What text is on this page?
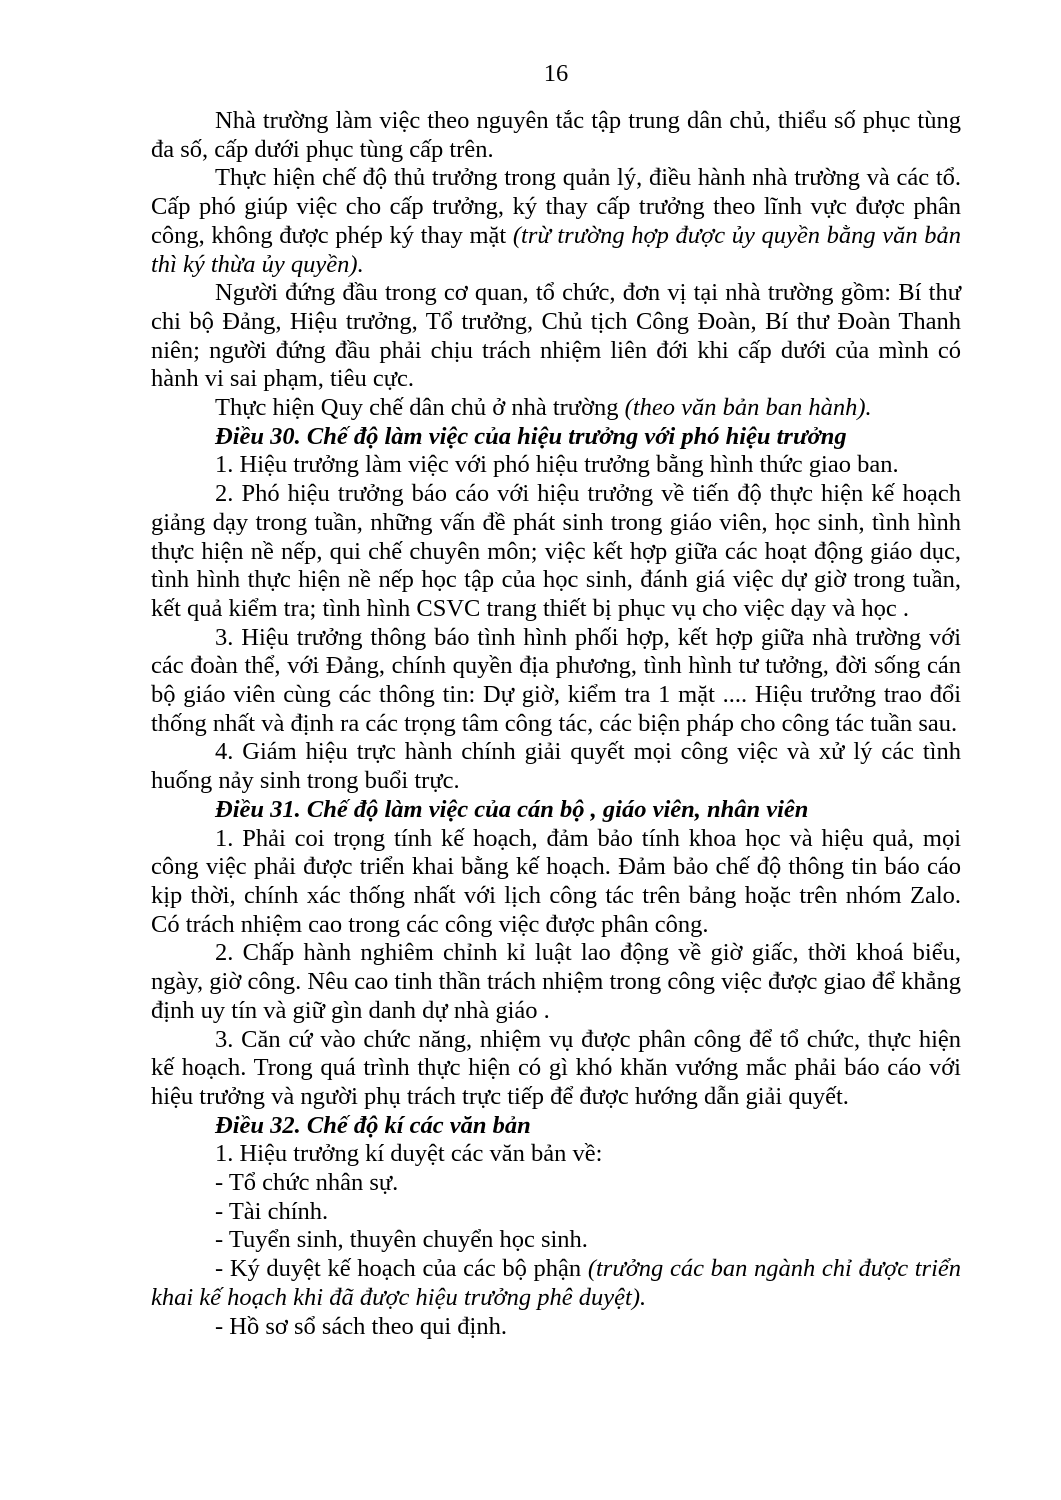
16

Nhà trường làm việc theo nguyên tắc tập trung dân chủ, thiểu số phục tùng đa số, cấp dưới phục tùng cấp trên.

Thực hiện chế độ thủ trưởng trong quản lý, điều hành nhà trường và các tổ. Cấp phó giúp việc cho cấp trưởng, ký thay cấp trưởng theo lĩnh vực được phân công, không được phép ký thay mặt (trừ trường hợp được ủy quyền bằng văn bản thì ký thừa ủy quyền).

Người đứng đầu trong cơ quan, tổ chức, đơn vị tại nhà trường gồm: Bí thư chi bộ Đảng, Hiệu trưởng, Tổ trưởng, Chủ tịch Công Đoàn, Bí thư Đoàn Thanh niên; người đứng đầu phải chịu trách nhiệm liên đới khi cấp dưới của mình có hành vi sai phạm, tiêu cực.

Thực hiện Quy chế dân chủ ở nhà trường (theo văn bản ban hành).

Điều 30. Chế độ làm việc của hiệu trưởng với phó hiệu trưởng

1. Hiệu trưởng làm việc với phó hiệu trưởng bằng hình thức giao ban.

2. Phó hiệu trưởng báo cáo với hiệu trưởng về tiến độ thực hiện kế hoạch giảng dạy trong tuần, những vấn đề phát sinh trong giáo viên, học sinh, tình hình thực hiện nề nếp, qui chế chuyên môn; việc kết hợp giữa các hoạt động giáo dục, tình hình thực hiện nề nếp học tập của học sinh, đánh giá việc dự giờ trong tuần, kết quả kiểm tra; tình hình CSVC trang thiết bị phục vụ cho việc dạy và học .

3. Hiệu trưởng thông báo tình hình phối hợp, kết hợp giữa nhà trường với các đoàn thể, với Đảng, chính quyền địa phương, tình hình tư tưởng, đời sống cán bộ giáo viên cùng các thông tin: Dự giờ, kiểm tra 1 mặt .... Hiệu trưởng trao đổi thống nhất và định ra các trọng tâm công tác, các biện pháp cho công tác tuần sau.

4. Giám hiệu trực hành chính giải quyết mọi công việc và xử lý các tình huống nảy sinh trong buổi trực.

Điều 31. Chế độ làm việc của cán bộ , giáo viên, nhân viên

1. Phải coi trọng tính kế hoạch, đảm bảo tính khoa học và hiệu quả, mọi công việc phải được triển khai bằng kế hoạch. Đảm bảo chế độ thông tin báo cáo kịp thời, chính xác thống nhất với lịch công tác trên bảng hoặc trên nhóm Zalo. Có trách nhiệm cao trong các công việc được phân công.

2. Chấp hành nghiêm chỉnh kỉ luật lao động về giờ giấc, thời khoá biểu, ngày, giờ công. Nêu cao tinh thần trách nhiệm trong công việc được giao để khẳng định uy tín và giữ gìn danh dự nhà giáo .

3. Căn cứ vào chức năng, nhiệm vụ được phân công để tổ chức, thực hiện kế hoạch. Trong quá trình thực hiện có gì khó khăn vướng mắc phải báo cáo với hiệu trưởng và người phụ trách trực tiếp để được hướng dẫn giải quyết.

Điều 32. Chế độ kí các văn bản

1. Hiệu trưởng kí duyệt các văn bản về:

- Tổ chức nhân sự.

- Tài chính.

- Tuyển sinh, thuyên chuyển học sinh.

- Ký duyệt kế hoạch của các bộ phận (trưởng các ban ngành chỉ được triển khai kế hoạch khi đã được hiệu trưởng phê duyệt).

- Hồ sơ sổ sách theo qui định.
